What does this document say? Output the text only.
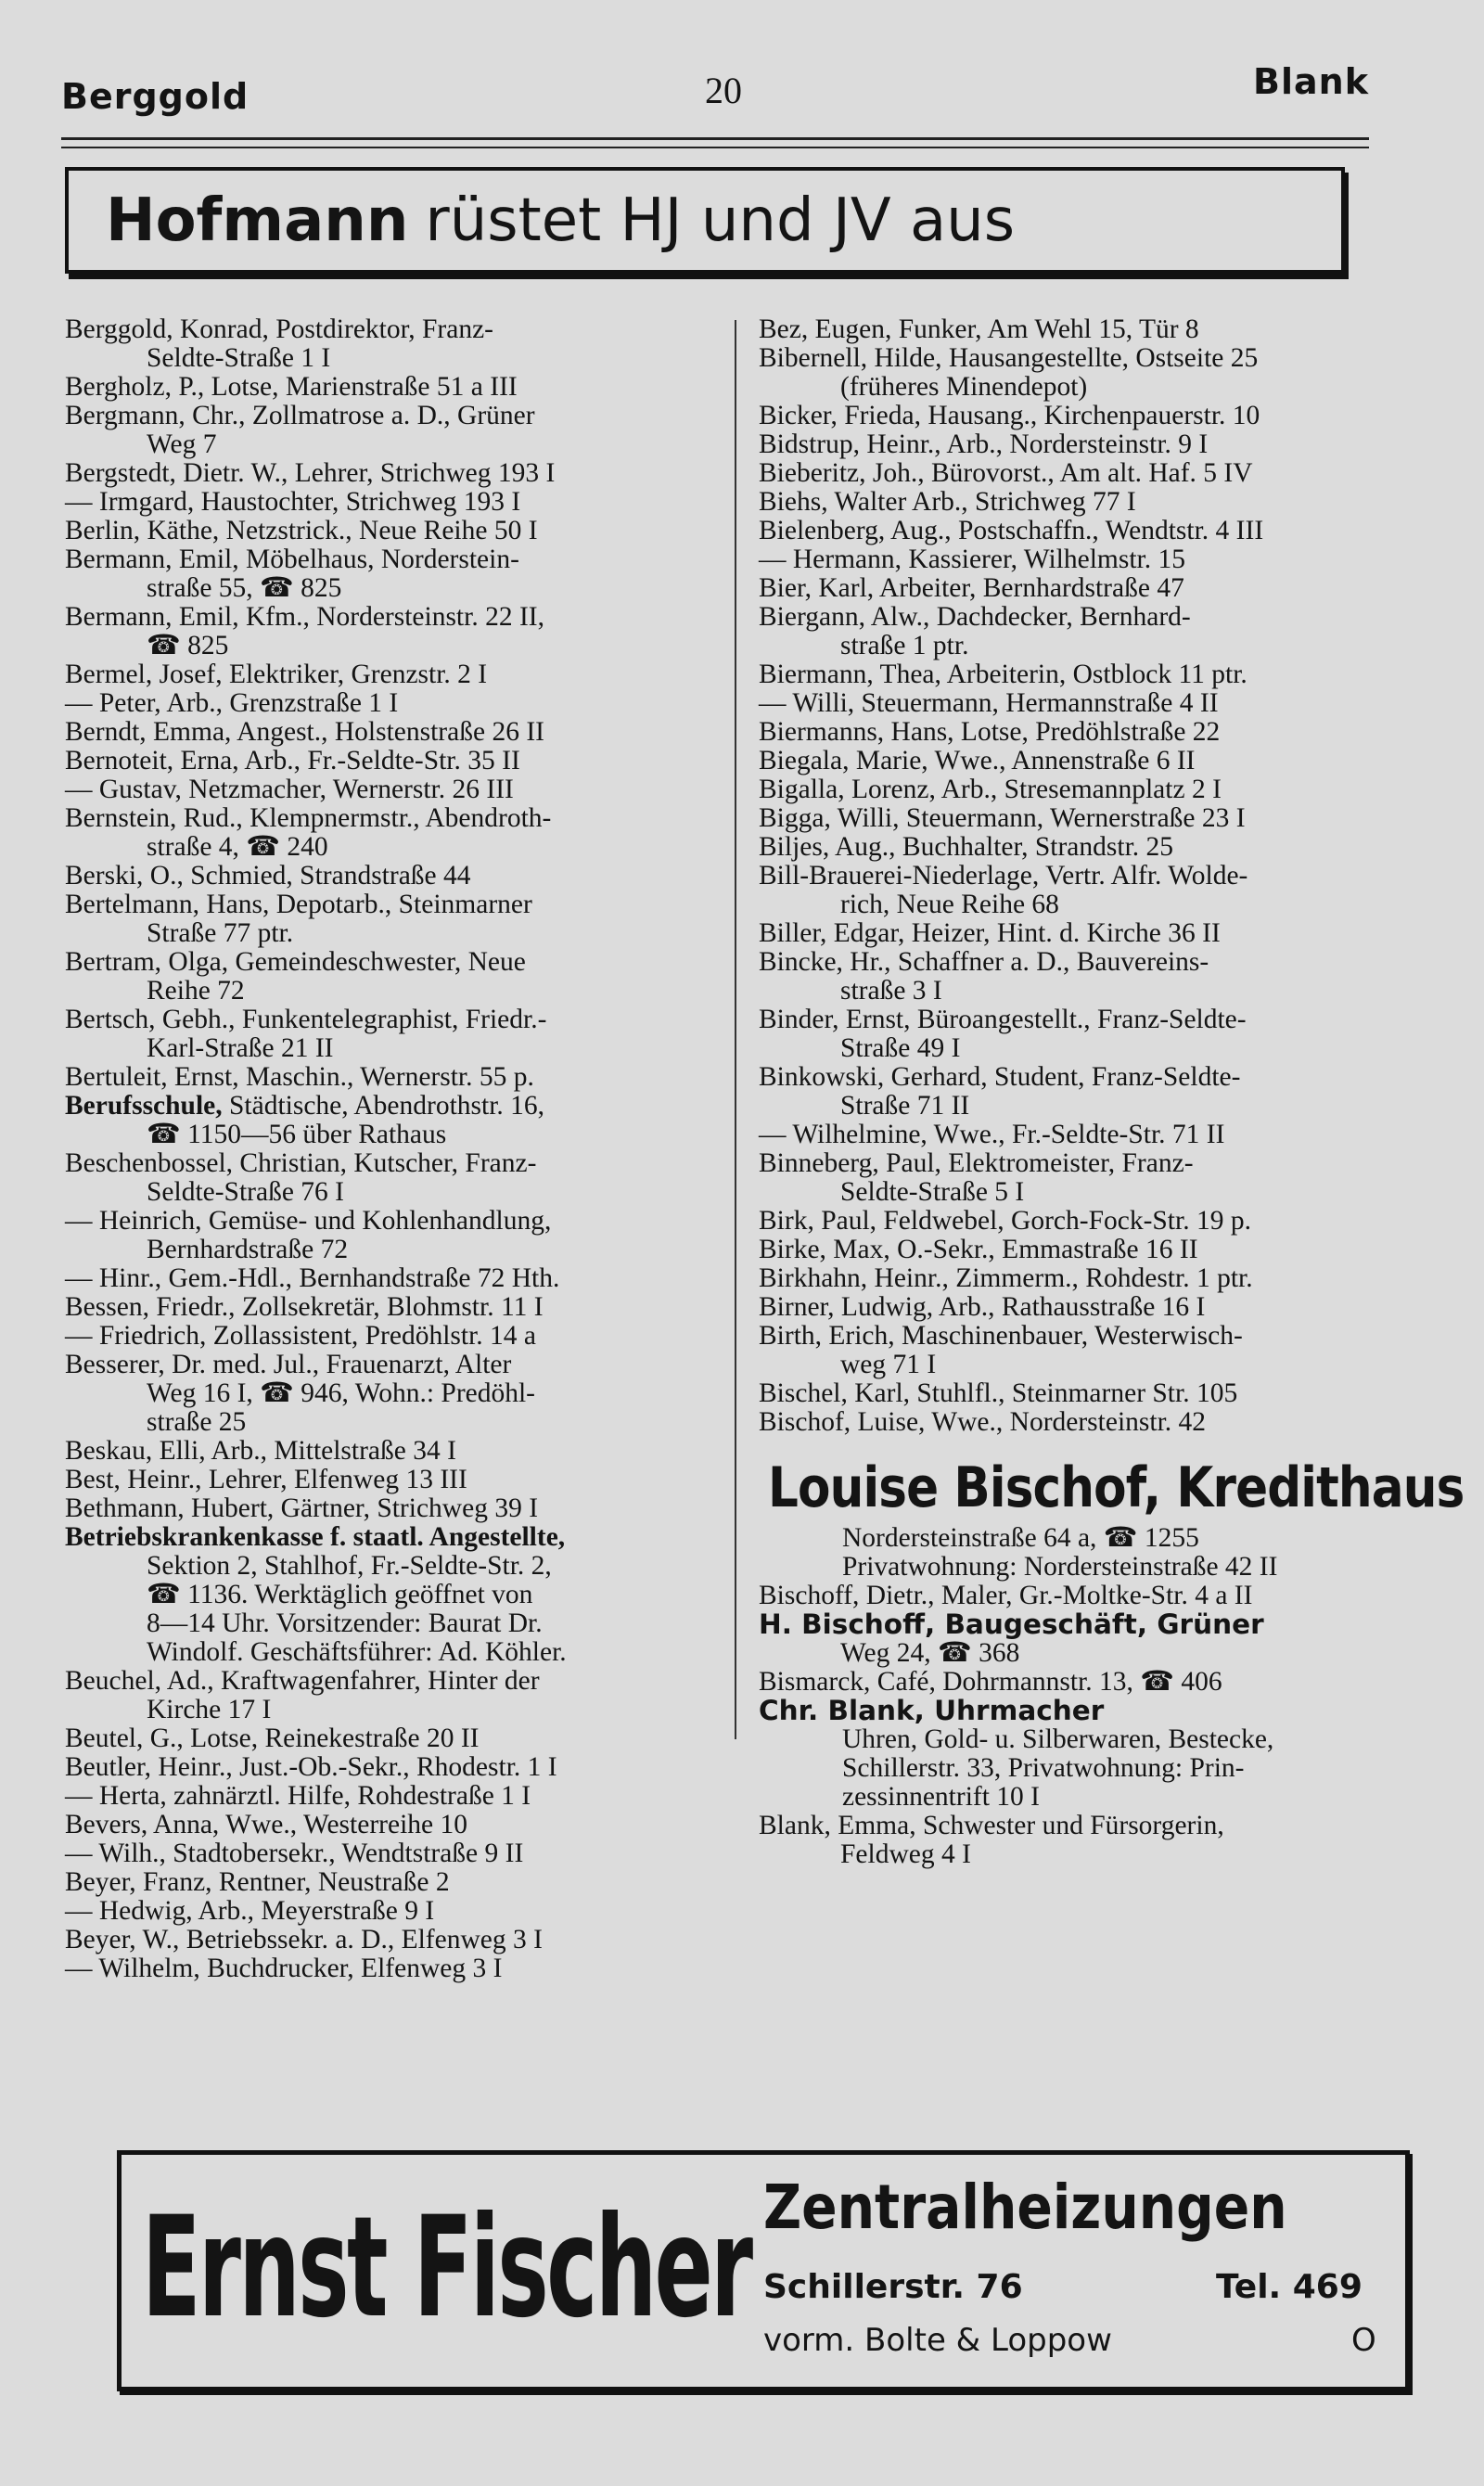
Berggold	20	Blank
Hofmann rüstet HJ und JV aus

Berggold, Konrad, Postdirektor, Franz-

Seldte-Straße 1 I

Bergholz, P., Lotse, Marienstraße 51 a III

Bergmann, Chr., Zollmatrose a. D., Grüner

Weg 7

Bergstedt, Dietr. W., Lehrer, Strichweg 193 I

— Irmgard, Haustochter, Strichweg 193 I

Berlin, Käthe, Netzstrick., Neue Reihe 50 I

Bermann, Emil, Möbelhaus, Norderstein-

straße 55, ☎ 825

Bermann, Emil, Kfm., Nordersteinstr. 22 II,

☎ 825

Bermel, Josef, Elektriker, Grenzstr. 2 I

— Peter, Arb., Grenzstraße 1 I

Berndt, Emma, Angest., Holstenstraße 26 II

Bernoteit, Erna, Arb., Fr.-Seldte-Str. 35 II

— Gustav, Netzmacher, Wernerstr. 26 III

Bernstein, Rud., Klempnermstr., Abendroth-

straße 4, ☎ 240

Berski, O., Schmied, Strandstraße 44

Bertelmann, Hans, Depotarb., Steinmarner

Straße 77 ptr.

Bertram, Olga, Gemeindeschwester, Neue

Reihe 72

Bertsch, Gebh., Funkentelegraphist, Friedr.-

Karl-Straße 21 II

Bertuleit, Ernst, Maschin., Wernerstr. 55 p.

Berufsschule, Städtische, Abendrothstr. 16,

☎ 1150—56 über Rathaus

Beschenbossel, Christian, Kutscher, Franz-

Seldte-Straße 76 I

— Heinrich, Gemüse- und Kohlenhandlung,

Bernhardstraße 72

— Hinr., Gem.-Hdl., Bernhandstraße 72 Hth.

Bessen, Friedr., Zollsekretär, Blohmstr. 11 I

— Friedrich, Zollassistent, Predöhlstr. 14 a

Besserer, Dr. med. Jul., Frauenarzt, Alter

Weg 16 I, ☎ 946, Wohn.: Predöhl-

straße 25

Beskau, Elli, Arb., Mittelstraße 34 I

Best, Heinr., Lehrer, Elfenweg 13 III

Bethmann, Hubert, Gärtner, Strichweg 39 I

Betriebskrankenkasse f. staatl. Angestellte,

Sektion 2, Stahlhof, Fr.-Seldte-Str. 2,

☎ 1136. Werktäglich geöffnet von

8—14 Uhr. Vorsitzender: Baurat Dr.

Windolf. Geschäftsführer: Ad. Köhler.

Beuchel, Ad., Kraftwagenfahrer, Hinter der

Kirche 17 I

Beutel, G., Lotse, Reinekestraße 20 II

Beutler, Heinr., Just.-Ob.-Sekr., Rhodestr. 1 I

— Herta, zahnärztl. Hilfe, Rohdestraße 1 I

Bevers, Anna, Wwe., Westerreihe 10

— Wilh., Stadtobersekr., Wendtstraße 9 II

Beyer, Franz, Rentner, Neustraße 2

— Hedwig, Arb., Meyerstraße 9 I

Beyer, W., Betriebssekr. a. D., Elfenweg 3 I

— Wilhelm, Buchdrucker, Elfenweg 3 I

Bez, Eugen, Funker, Am Wehl 15, Tür 8

Bibernell, Hilde, Hausangestellte, Ostseite 25

(früheres Minendepot)

Bicker, Frieda, Hausang., Kirchenpauerstr. 10

Bidstrup, Heinr., Arb., Nordersteinstr. 9 I

Bieberitz, Joh., Bürovorst., Am alt. Haf. 5 IV

Biehs, Walter Arb., Strichweg 77 I

Bielenberg, Aug., Postschaffn., Wendtstr. 4 III

— Hermann, Kassierer, Wilhelmstr. 15

Bier, Karl, Arbeiter, Bernhardstraße 47

Biergann, Alw., Dachdecker, Bernhard-

straße 1 ptr.

Biermann, Thea, Arbeiterin, Ostblock 11 ptr.

— Willi, Steuermann, Hermannstraße 4 II

Biermanns, Hans, Lotse, Predöhlstraße 22

Biegala, Marie, Wwe., Annenstraße 6 II

Bigalla, Lorenz, Arb., Stresemannplatz 2 I

Bigga, Willi, Steuermann, Wernerstraße 23 I

Biljes, Aug., Buchhalter, Strandstr. 25

Bill-Brauerei-Niederlage, Vertr. Alfr. Wolde-

rich, Neue Reihe 68

Biller, Edgar, Heizer, Hint. d. Kirche 36 II

Bincke, Hr., Schaffner a. D., Bauvereins-

straße 3 I

Binder, Ernst, Büroangestellt., Franz-Seldte-

Straße 49 I

Binkowski, Gerhard, Student, Franz-Seldte-

Straße 71 II

— Wilhelmine, Wwe., Fr.-Seldte-Str. 71 II

Binneberg, Paul, Elektromeister, Franz-

Seldte-Straße 5 I

Birk, Paul, Feldwebel, Gorch-Fock-Str. 19 p.

Birke, Max, O.-Sekr., Emmastraße 16 II

Birkhahn, Heinr., Zimmerm., Rohdestr. 1 ptr.

Birner, Ludwig, Arb., Rathausstraße 16 I

Birth, Erich, Maschinenbauer, Westerwisch-

weg 71 I

Bischel, Karl, Stuhlfl., Steinmarner Str. 105

Bischof, Luise, Wwe., Nordersteinstr. 42

Louise Bischof, Kredithaus

Nordersteinstraße 64 a, ☎ 1255

Privatwohnung: Nordersteinstraße 42 II

Bischoff, Dietr., Maler, Gr.-Moltke-Str. 4 a II

H. Bischoff, Baugeschäft, Grüner

Weg 24, ☎ 368

Bismarck, Café, Dohrmannstr. 13, ☎ 406

Chr. Blank, Uhrmacher

Uhren, Gold- u. Silberwaren, Bestecke,

Schillerstr. 33, Privatwohnung: Prin-

zessinnentrift 10 I

Blank, Emma, Schwester und Fürsorgerin,

Feldweg 4 I

Ernst Fischer Zentralheizungen
Schillerstr. 76	Tel. 469
vorm. Bolte & Loppow	O
